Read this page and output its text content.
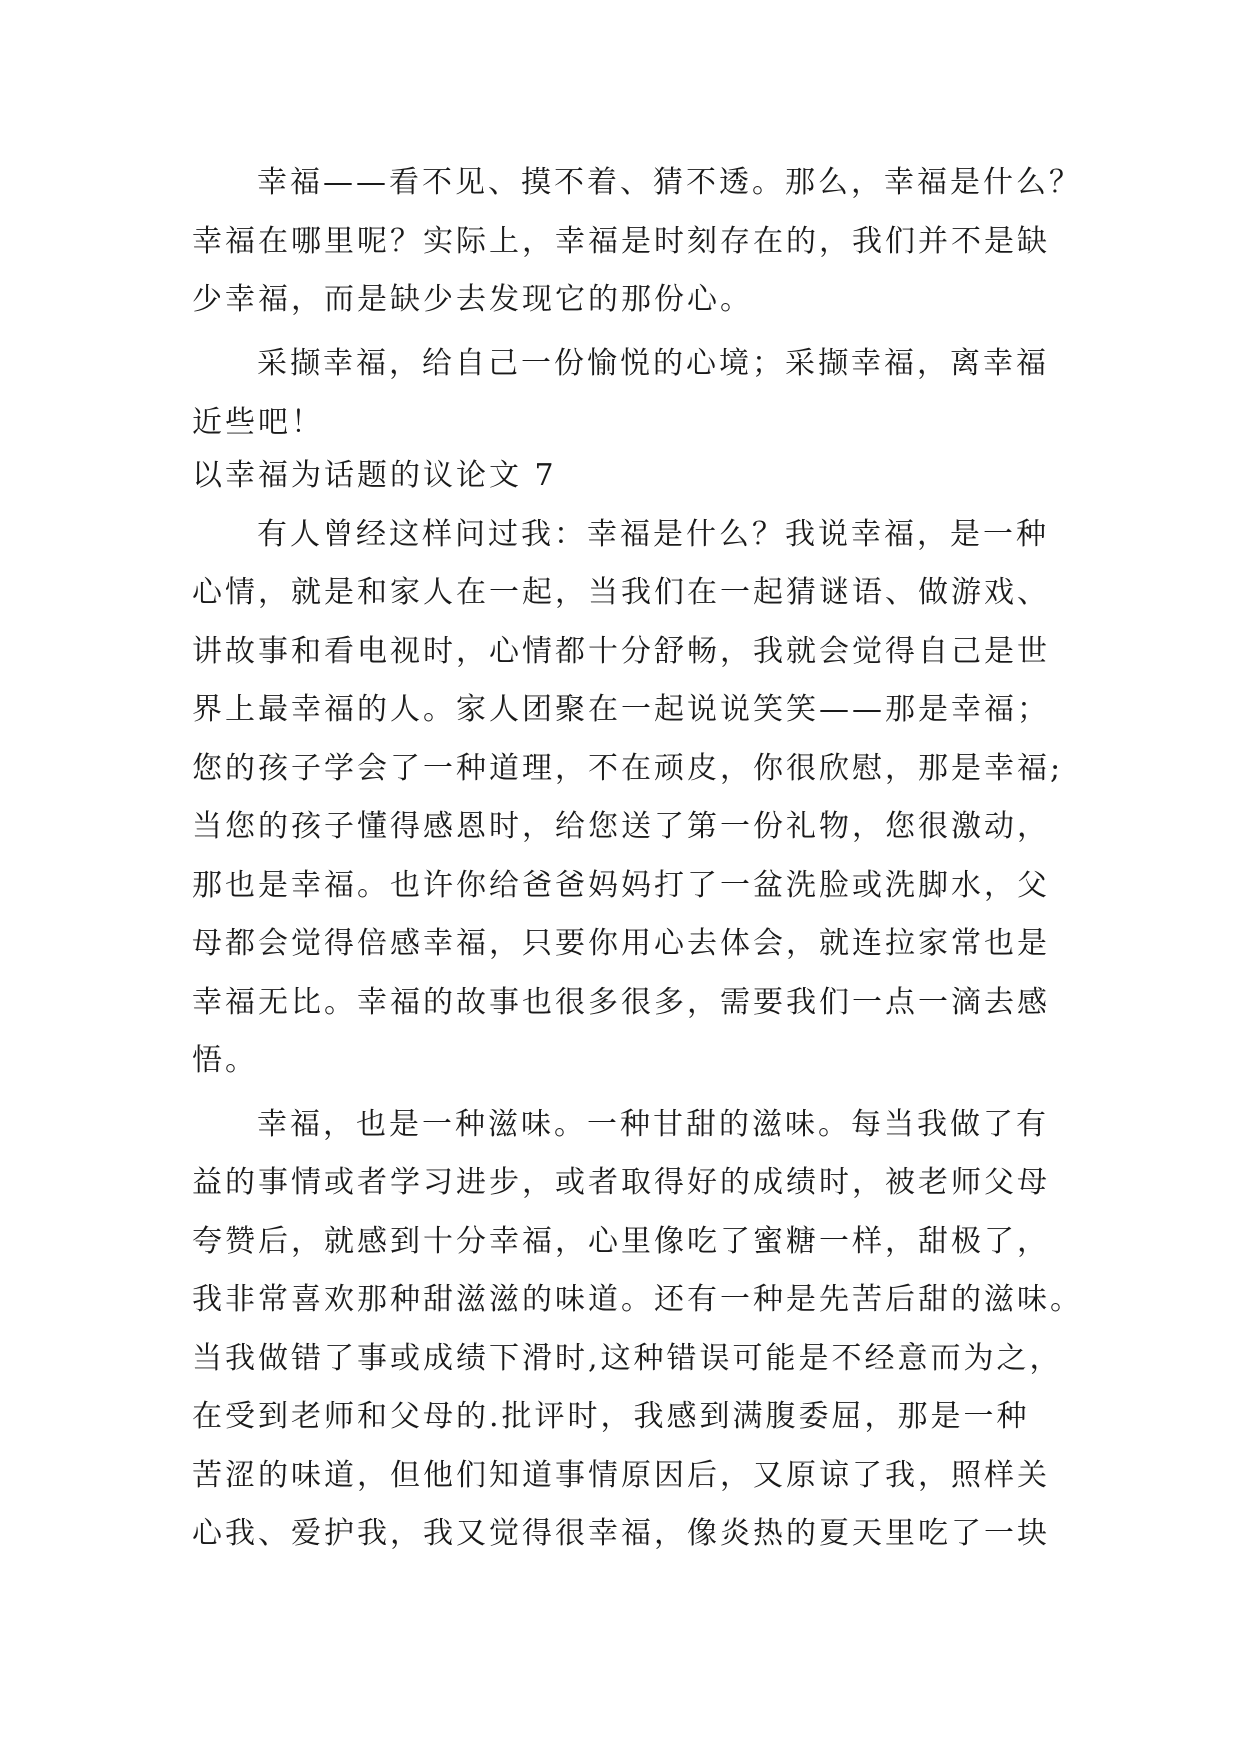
幸福——看不见、摸不着、猜不透。那么，幸福是什么？
幸福在哪里呢？实际上，幸福是时刻存在的，我们并不是缺
少幸福，而是缺少去发现它的那份心。
采撷幸福，给自己一份愉悦的心境；采撷幸福，离幸福
近些吧！
以幸福为话题的议论文 7
有人曾经这样问过我：幸福是什么？我说幸福，是一种
心情，就是和家人在一起，当我们在一起猜谜语、做游戏、
讲故事和看电视时，心情都十分舒畅，我就会觉得自己是世
界上最幸福的人。家人团聚在一起说说笑笑——那是幸福；
您的孩子学会了一种道理，不在顽皮，你很欣慰，那是幸福;
当您的孩子懂得感恩时，给您送了第一份礼物，您很激动，
那也是幸福。也许你给爸爸妈妈打了一盆洗脸或洗脚水，父
母都会觉得倍感幸福，只要你用心去体会，就连拉家常也是
幸福无比。幸福的故事也很多很多，需要我们一点一滴去感
悟。
幸福，也是一种滋味。一种甘甜的滋味。每当我做了有
益的事情或者学习进步，或者取得好的成绩时，被老师父母
夸赞后，就感到十分幸福，心里像吃了蜜糖一样，甜极了，
我非常喜欢那种甜滋滋的味道。还有一种是先苦后甜的滋味。
当我做错了事或成绩下滑时,这种错误可能是不经意而为之，
在受到老师和父母的.批评时，我感到满腹委屈，那是一种
苦涩的味道，但他们知道事情原因后，又原谅了我，照样关
心我、爱护我，我又觉得很幸福，像炎热的夏天里吃了一块
